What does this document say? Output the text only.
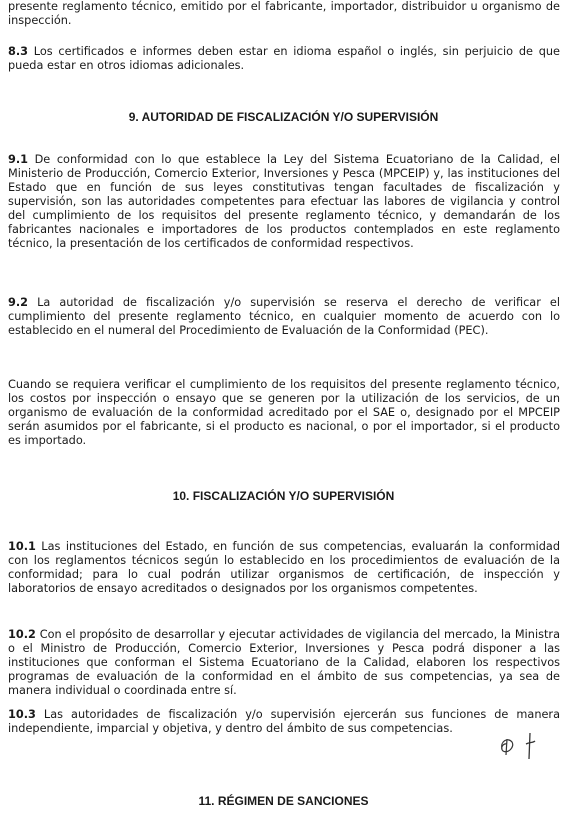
presente reglamento técnico, emitido por el fabricante, importador, distribuidor u organismo de inspección.

8.3 Los certificados e informes deben estar en idioma español o inglés, sin perjuicio de que pueda estar en otros idiomas adicionales.

9. AUTORIDAD DE FISCALIZACIÓN Y/O SUPERVISIÓN

9.1 De conformidad con lo que establece la Ley del Sistema Ecuatoriano de la Calidad, el Ministerio de Producción, Comercio Exterior, Inversiones y Pesca (MPCEIP) y, las instituciones del Estado que en función de sus leyes constitutivas tengan facultades de fiscalización y supervisión, son las autoridades competentes para efectuar las labores de vigilancia y control del cumplimiento de los requisitos del presente reglamento técnico, y demandarán de los fabricantes nacionales e importadores de los productos contemplados en este reglamento técnico, la presentación de los certificados de conformidad respectivos.

9.2 La autoridad de fiscalización y/o supervisión se reserva el derecho de verificar el cumplimiento del presente reglamento técnico, en cualquier momento de acuerdo con lo establecido en el numeral del Procedimiento de Evaluación de la Conformidad (PEC).

Cuando se requiera verificar el cumplimiento de los requisitos del presente reglamento técnico, los costos por inspección o ensayo que se generen por la utilización de los servicios, de un organismo de evaluación de la conformidad acreditado por el SAE o, designado por el MPCEIP serán asumidos por el fabricante, si el producto es nacional, o por el importador, si el producto es importado.

10. FISCALIZACIÓN Y/O SUPERVISIÓN

10.1 Las instituciones del Estado, en función de sus competencias, evaluarán la conformidad con los reglamentos técnicos según lo establecido en los procedimientos de evaluación de la conformidad; para lo cual podrán utilizar organismos de certificación, de inspección y laboratorios de ensayo acreditados o designados por los organismos competentes.

10.2 Con el propósito de desarrollar y ejecutar actividades de vigilancia del mercado, la Ministra o el Ministro de Producción, Comercio Exterior, Inversiones y Pesca podrá disponer a las instituciones que conforman el Sistema Ecuatoriano de la Calidad, elaboren los respectivos programas de evaluación de la conformidad en el ámbito de sus competencias, ya sea de manera individual o coordinada entre sí.

10.3 Las autoridades de fiscalización y/o supervisión ejercerán sus funciones de manera independiente, imparcial y objetiva, y dentro del ámbito de sus competencias.

11. RÉGIMEN DE SANCIONES
